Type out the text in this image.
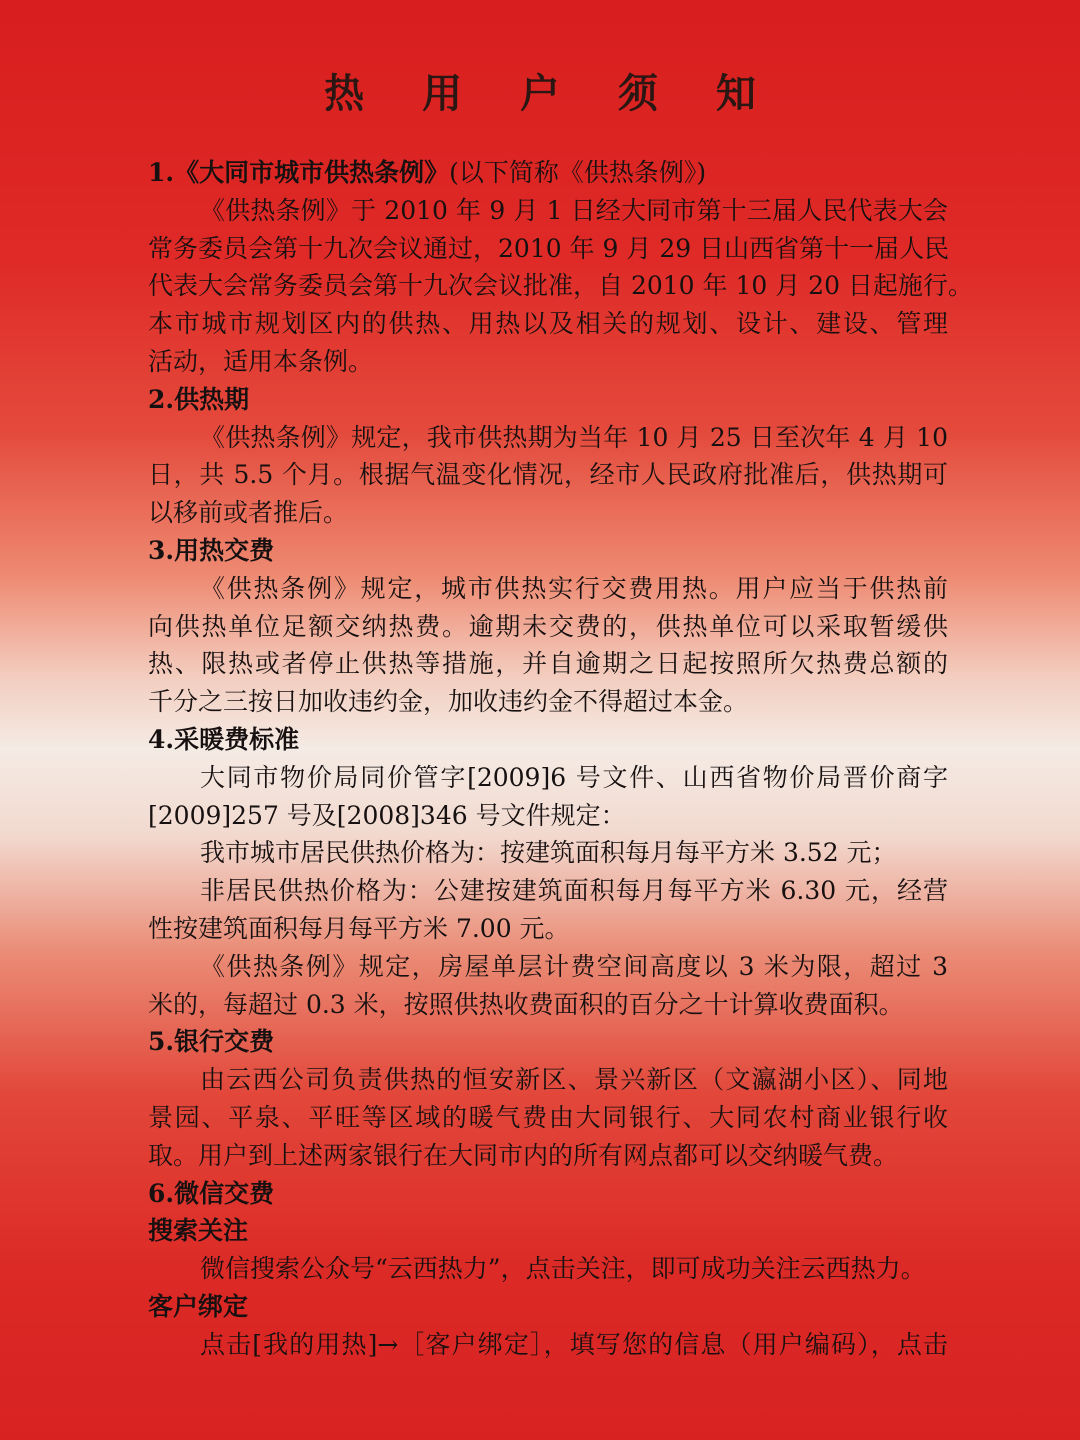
热 用 户 须 知
1.《大同市城市供热条例》(以下简称《供热条例》)
《供热条例》于 2010 年 9 月 1 日经大同市第十三届人民代表大会
常务委员会第十九次会议通过，2010 年 9 月 29 日山西省第十一届人民
代表大会常务委员会第十九次会议批准，自 2010 年 10 月 20 日起施行。
本市城市规划区内的供热、用热以及相关的规划、设计、建设、管理
活动，适用本条例。
2.供热期
《供热条例》规定，我市供热期为当年 10 月 25 日至次年 4 月 10
日，共 5.5 个月。根据气温变化情况，经市人民政府批准后，供热期可
以移前或者推后。
3.用热交费
《供热条例》规定，城市供热实行交费用热。用户应当于供热前
向供热单位足额交纳热费。逾期未交费的，供热单位可以采取暂缓供
热、限热或者停止供热等措施，并自逾期之日起按照所欠热费总额的
千分之三按日加收违约金，加收违约金不得超过本金。
4.采暖费标准
大同市物价局同价管字[2009]6 号文件、山西省物价局晋价商字
[2009]257 号及[2008]346 号文件规定：
我市城市居民供热价格为：按建筑面积每月每平方米 3.52 元；
非居民供热价格为：公建按建筑面积每月每平方米 6.30 元，经营
性按建筑面积每月每平方米 7.00 元。
《供热条例》规定，房屋单层计费空间高度以 3 米为限，超过 3
米的，每超过 0.3 米，按照供热收费面积的百分之十计算收费面积。
5.银行交费
由云西公司负责供热的恒安新区、景兴新区（文瀛湖小区）、同地
景园、平泉、平旺等区域的暖气费由大同银行、大同农村商业银行收
取。用户到上述两家银行在大同市内的所有网点都可以交纳暖气费。
6.微信交费
搜索关注
微信搜索公众号“云西热力”，点击关注，即可成功关注云西热力。
客户绑定
点击[我的用热]→［客户绑定］，填写您的信息（用户编码），点击
